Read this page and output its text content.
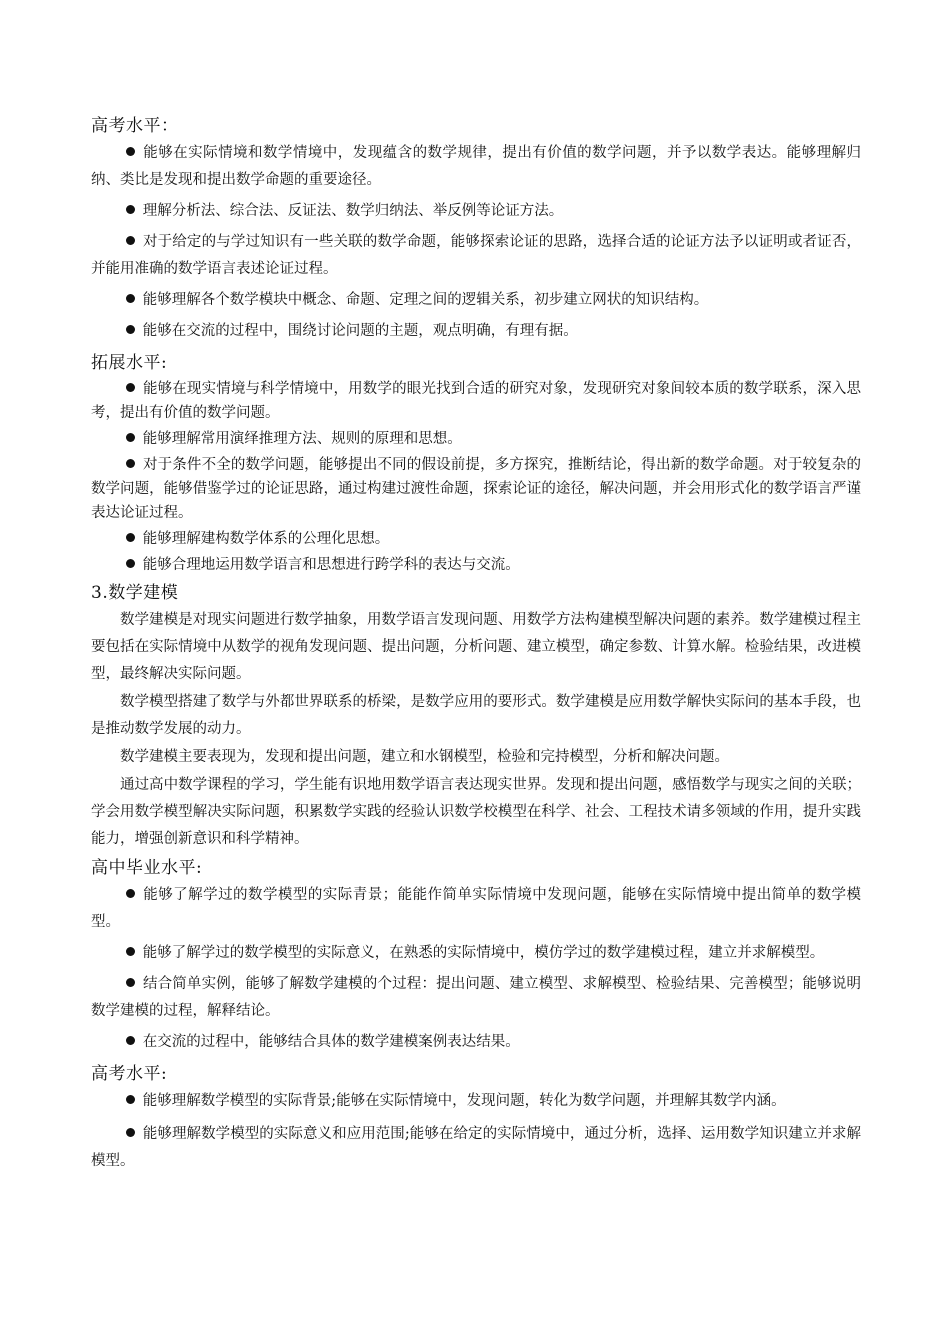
高考水平：

能够在实际情境和数学情境中，发现蕴含的数学规律，提出有价值的数学问题，并予以数学表达。能够理解归纳、类比是发现和提出数学命题的重要途径。

理解分析法、综合法、反证法、数学归纳法、举反例等论证方法。

对于给定的与学过知识有一些关联的数学命题，能够探索论证的思路，选择合适的论证方法予以证明或者证否，并能用准确的数学语言表述论证过程。

能够理解各个数学模块中概念、命题、定理之间的逻辑关系，初步建立网状的知识结构。

能够在交流的过程中，围绕讨论问题的主题，观点明确，有理有据。

拓展水平:

能够在现实情境与科学情境中，用数学的眼光找到合适的研究对象，发现研究对象间较本质的数学联系，深入思考，提出有价值的数学问题。

能够理解常用演绎推理方法、规则的原理和思想。

对于条件不全的数学问题，能够提出不同的假设前提，多方探究，推断结论，得出新的数学命题。对于较复杂的数学问题，能够借鉴学过的论证思路，通过构建过渡性命题，探索论证的途径，解决问题，并会用形式化的数学语言严谨表达论证过程。

能够理解建构数学体系的公理化思想。

能够合理地运用数学语言和思想进行跨学科的表达与交流。

3.数学建模

数学建模是对现实问题进行数学抽象，用数学语言发现问题、用数学方法构建模型解决问题的素养。数学建模过程主要包括在实际情境中从数学的视角发现问题、提出问题，分析问题、建立模型，确定参数、计算水解。检验结果，改进模型，最终解决实际问题。

数学模型搭建了数学与外都世界联系的桥梁，是数学应用的要形式。数学建模是应用数学解快实际问的基本手段，也是推动数学发展的动力。

数学建模主要表现为，发现和提出问题，建立和水钢模型，检验和完持模型，分析和解决问题。

通过高中数学课程的学习，学生能有识地用数学语言表达现实世界。发现和提出问题，感悟数学与现实之间的关联；学会用数学模型解决实际问题，积累数学实践的经验认识数学校模型在科学、社会、工程技术请多领域的作用，提升实践能力，增强创新意识和科学精神。

高中毕业水平:

能够了解学过的数学模型的实际青景；能能作简单实际情境中发现问题，能够在实际情境中提出简单的数学模型。

能够了解学过的数学模型的实际意义，在熟悉的实际情境中，模仿学过的数学建模过程，建立并求解模型。

结合简单实例，能够了解数学建模的个过程：提出问题、建立模型、求解模型、检验结果、完善模型；能够说明数学建模的过程，解释结论。

在交流的过程中，能够结合具体的数学建模案例表达结果。

高考水平:

能够理解数学模型的实际背景;能够在实际情境中，发现问题，转化为数学问题，并理解其数学内涵。

能够理解数学模型的实际意义和应用范围;能够在给定的实际情境中，通过分析，选择、运用数学知识建立并求解模型。
